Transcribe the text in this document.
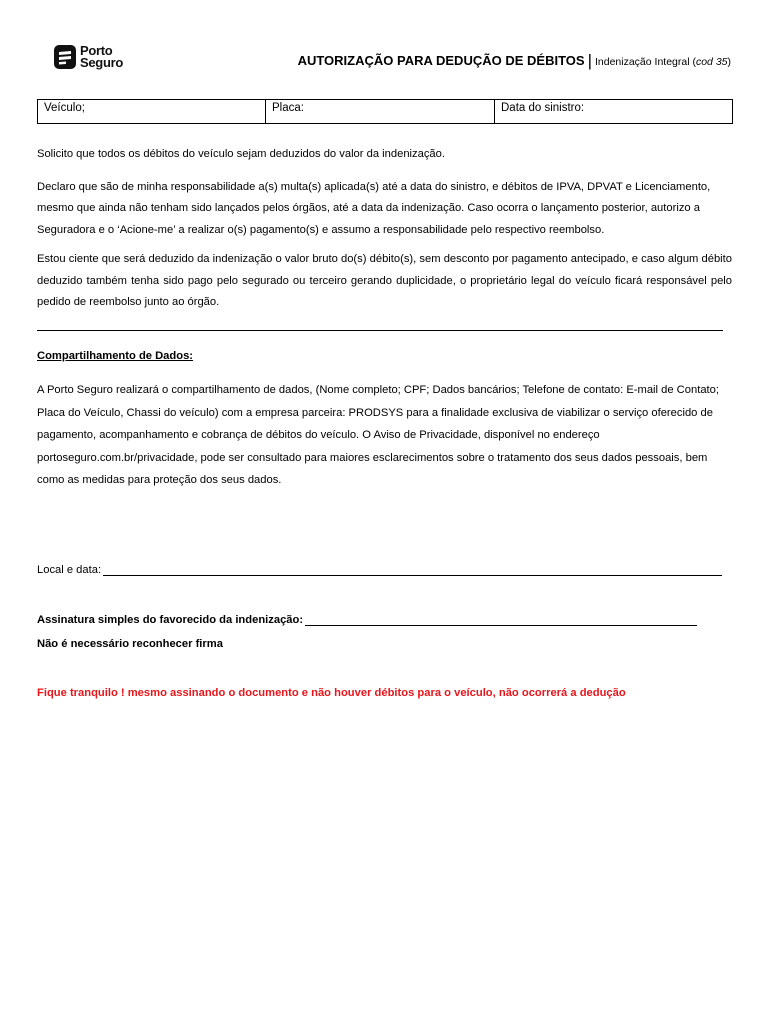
Porto
Seguro	AUTORIZAÇÃO PARA DEDUÇÃO DE DÉBITOS | Indenização Integral (cod 35)
Veículo;	Placa:	Data do sinistro:

Solicito que todos os débitos do veículo sejam deduzidos do valor da indenização.

Declaro que são de minha responsabilidade a(s) multa(s) aplicada(s) até a data do sinistro, e débitos de IPVA, DPVAT e Licenciamento, mesmo que ainda não tenham sido lançados pelos órgãos, até a data da indenização. Caso ocorra o lançamento posterior, autorizo a Seguradora e o ‘Acione-me’ a realizar o(s) pagamento(s) e assumo a responsabilidade pelo respectivo reembolso.

Estou ciente que será deduzido da indenização o valor bruto do(s) débito(s), sem desconto por pagamento antecipado, e caso algum débito deduzido também tenha sido pago pelo segurado ou terceiro gerando duplicidade, o proprietário legal do veículo ficará responsável pelo pedido de reembolso junto ao órgão.

Compartilhamento de Dados:

A Porto Seguro realizará o compartilhamento de dados, (Nome completo; CPF; Dados bancários; Telefone de contato: E-mail de Contato; Placa do Veículo, Chassi do veículo) com a empresa parceira: PRODSYS para a finalidade exclusiva de viabilizar o serviço oferecido de pagamento, acompanhamento e cobrança de débitos do veículo. O Aviso de Privacidade, disponível no endereço portoseguro.com.br/privacidade, pode ser consultado para maiores esclarecimentos sobre o tratamento dos seus dados pessoais, bem como as medidas para proteção dos seus dados.

Local e data:
Assinatura simples do favorecido da indenização:
Não é necessário reconhecer firma
Fique tranquilo ! mesmo assinando o documento e não houver débitos para o veículo, não ocorrerá a dedução
